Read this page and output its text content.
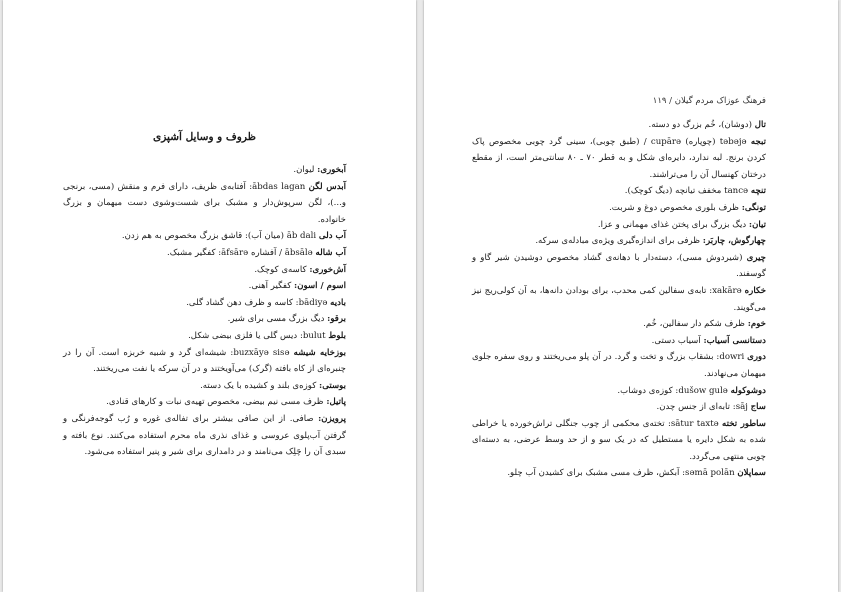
ظروف و وسایل آشپزی
آبخوری: لیوان.
آبدس لگن ābdas lagan: آفتابه‌ی ظریف، دارای فرم و منقش (مسی، برنجی و...)، لگن سرپوش‌دار و مشبک برای شست‌وشوی دست میهمان و بزرگ خانواده.
آب دلی āb dali (میان آب): قاشق بزرگ مخصوص به هم زدن.
آب شاله ābsālə / آفشاره āfsārə: کفگیر مشبک.
آش‌خوری: کاسه‌ی کوچک.
اسوم / اسون: کفگیر آهنی.
بادیه bādiyə: کاسه و ظرف دهن گشاد گلی.
برقو: دیگ بزرگ مسی برای شیر.
بلوط bulut: دیس گلی یا فلزی بیضی شکل.
بوزخایه شیشه buzxāyə sisə: شیشه‌ای گرد و شبیه خربزه است. آن را در چنبره‌ای از کاه بافته (گرک) می‌آویختند و در آن سرکه یا نفت می‌ریختند.
بوستی: کوزه‌ی بلند و کشیده با یک دسته.
پاتیل: ظرف مسی نیم بیضی، مخصوص تهیه‌ی نبات و کارهای قنادی.
پرویزن: صافی. از این صافی بیشتر برای تفاله‌ی غوره و رُب گوجه‌فرنگی و گرفتن آب‌پلوی عروسی و غذای نذری ماه محرم استفاده می‌کنند. نوع بافته و سبدی آن را چَلِک می‌نامند و در دامداری برای شیر و پنیر استفاده می‌شود.
فرهنگ عوزاک مردم گیلان / ۱۱۹
تال (دوشان)، خُم بزرگ دو دسته.
تبجه təbəjə (چوپاره) cupārə / (طبق چوبی)، سینی گرد چوبی مخصوص پاک کردن برنج. لبه ندارد، دایره‌ای شکل و به قطر ۷۰ ـ ۸۰ سانتی‌متر است، از مقطع درختان کهنسال آن را می‌تراشند.
تنچه tancə مخفف تیانچه (دیگ کوچک).
تونگی: ظرف بلوری مخصوص دوغ و شربت.
تیان: دیگ بزرگ برای پختن غذای مهمانی و عزا.
چهارگوش، چاربَر: ظرفی برای اندازه‌گیری ویژه‌ی مبادله‌ی سرکه.
چیری (شیردوش مسی)، دسته‌دار با دهانه‌ی گشاد مخصوص دوشیدن شیر گاو و گوسفند.
خکاره xakārə: تابه‌ی سفالین کمی محدب، برای بودادن دانه‌ها، به آن کولی‌ریج نیز می‌گویند.
خوم: ظرف شکم دار سفالین، خُم.
دستانسی آسیاب: آسیاب دستی.
دوری dowri: بشقاب بزرگ و تخت و گرد. در آن پلو می‌ریختند و روی سفره جلوی میهمان می‌نهادند.
دوشوکوله dušow gulə: کوزه‌ی دوشاب.
ساج sāj: تابه‌ای از جنس چدن.
ساطور تخته sātur taxtə: تخته‌ی محکمی از چوب جنگلی تراش‌خورده یا خراطی شده به شکل دایره یا مستطیل که در یک سو و از حد وسط عرضی، به دسته‌ای چوبی منتهی می‌گردد.
سماپلان səmā polān: آبکش، ظرف مسی مشبک برای کشیدن آب چلو.
